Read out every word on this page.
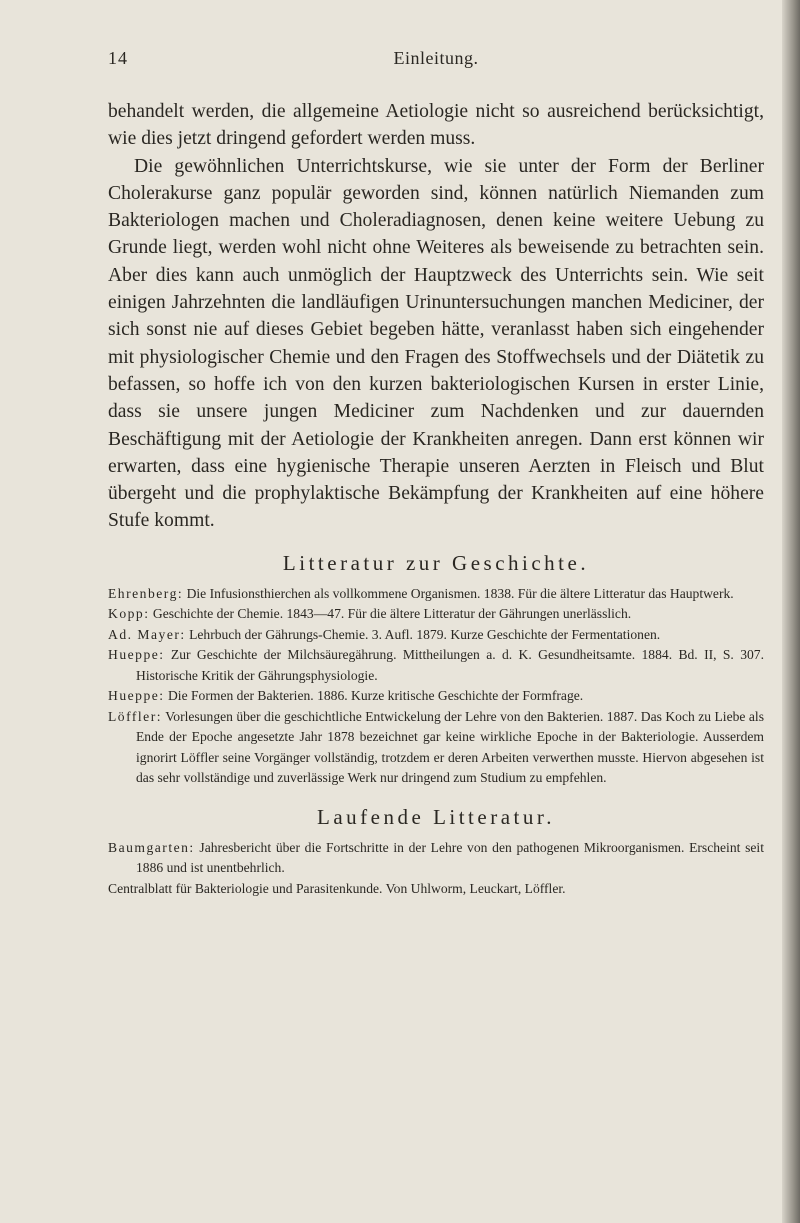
14	Einleitung.

behandelt werden, die allgemeine Aetiologie nicht so ausreichend berücksichtigt, wie dies jetzt dringend gefordert werden muss.

Die gewöhnlichen Unterrichtskurse, wie sie unter der Form der Berliner Cholerakurse ganz populär geworden sind, können natürlich Niemanden zum Bakteriologen machen und Choleradiagnosen, denen keine weitere Uebung zu Grunde liegt, werden wohl nicht ohne Weiteres als beweisende zu betrachten sein. Aber dies kann auch unmöglich der Hauptzweck des Unterrichts sein. Wie seit einigen Jahrzehnten die landläufigen Urinuntersuchungen manchen Mediciner, der sich sonst nie auf dieses Gebiet begeben hätte, veranlasst haben sich eingehender mit physiologischer Chemie und den Fragen des Stoffwechsels und der Diätetik zu befassen, so hoffe ich von den kurzen bakteriologischen Kursen in erster Linie, dass sie unsere jungen Mediciner zum Nachdenken und zur dauernden Beschäftigung mit der Aetiologie der Krankheiten anregen. Dann erst können wir erwarten, dass eine hygienische Therapie unseren Aerzten in Fleisch und Blut übergeht und die prophylaktische Bekämpfung der Krankheiten auf eine höhere Stufe kommt.

Litteratur zur Geschichte.

Ehrenberg: Die Infusionsthierchen als vollkommene Organismen. 1838. Für die ältere Litteratur das Hauptwerk.

Kopp: Geschichte der Chemie. 1843—47. Für die ältere Litteratur der Gährungen unerlässlich.

Ad. Mayer: Lehrbuch der Gährungs-Chemie. 3. Aufl. 1879. Kurze Geschichte der Fermentationen.

Hueppe: Zur Geschichte der Milchsäuregährung. Mittheilungen a. d. K. Gesundheitsamte. 1884. Bd. II, S. 307. Historische Kritik der Gährungsphysiologie.

Hueppe: Die Formen der Bakterien. 1886. Kurze kritische Geschichte der Formfrage.

Löffler: Vorlesungen über die geschichtliche Entwickelung der Lehre von den Bakterien. 1887. Das Koch zu Liebe als Ende der Epoche angesetzte Jahr 1878 bezeichnet gar keine wirkliche Epoche in der Bakteriologie. Ausserdem ignorirt Löffler seine Vorgänger vollständig, trotzdem er deren Arbeiten verwerthen musste. Hiervon abgesehen ist das sehr vollständige und zuverlässige Werk nur dringend zum Studium zu empfehlen.

Laufende Litteratur.

Baumgarten: Jahresbericht über die Fortschritte in der Lehre von den pathogenen Mikroorganismen. Erscheint seit 1886 und ist unentbehrlich.

Centralblatt für Bakteriologie und Parasitenkunde. Von Uhlworm, Leuckart, Löffler.
